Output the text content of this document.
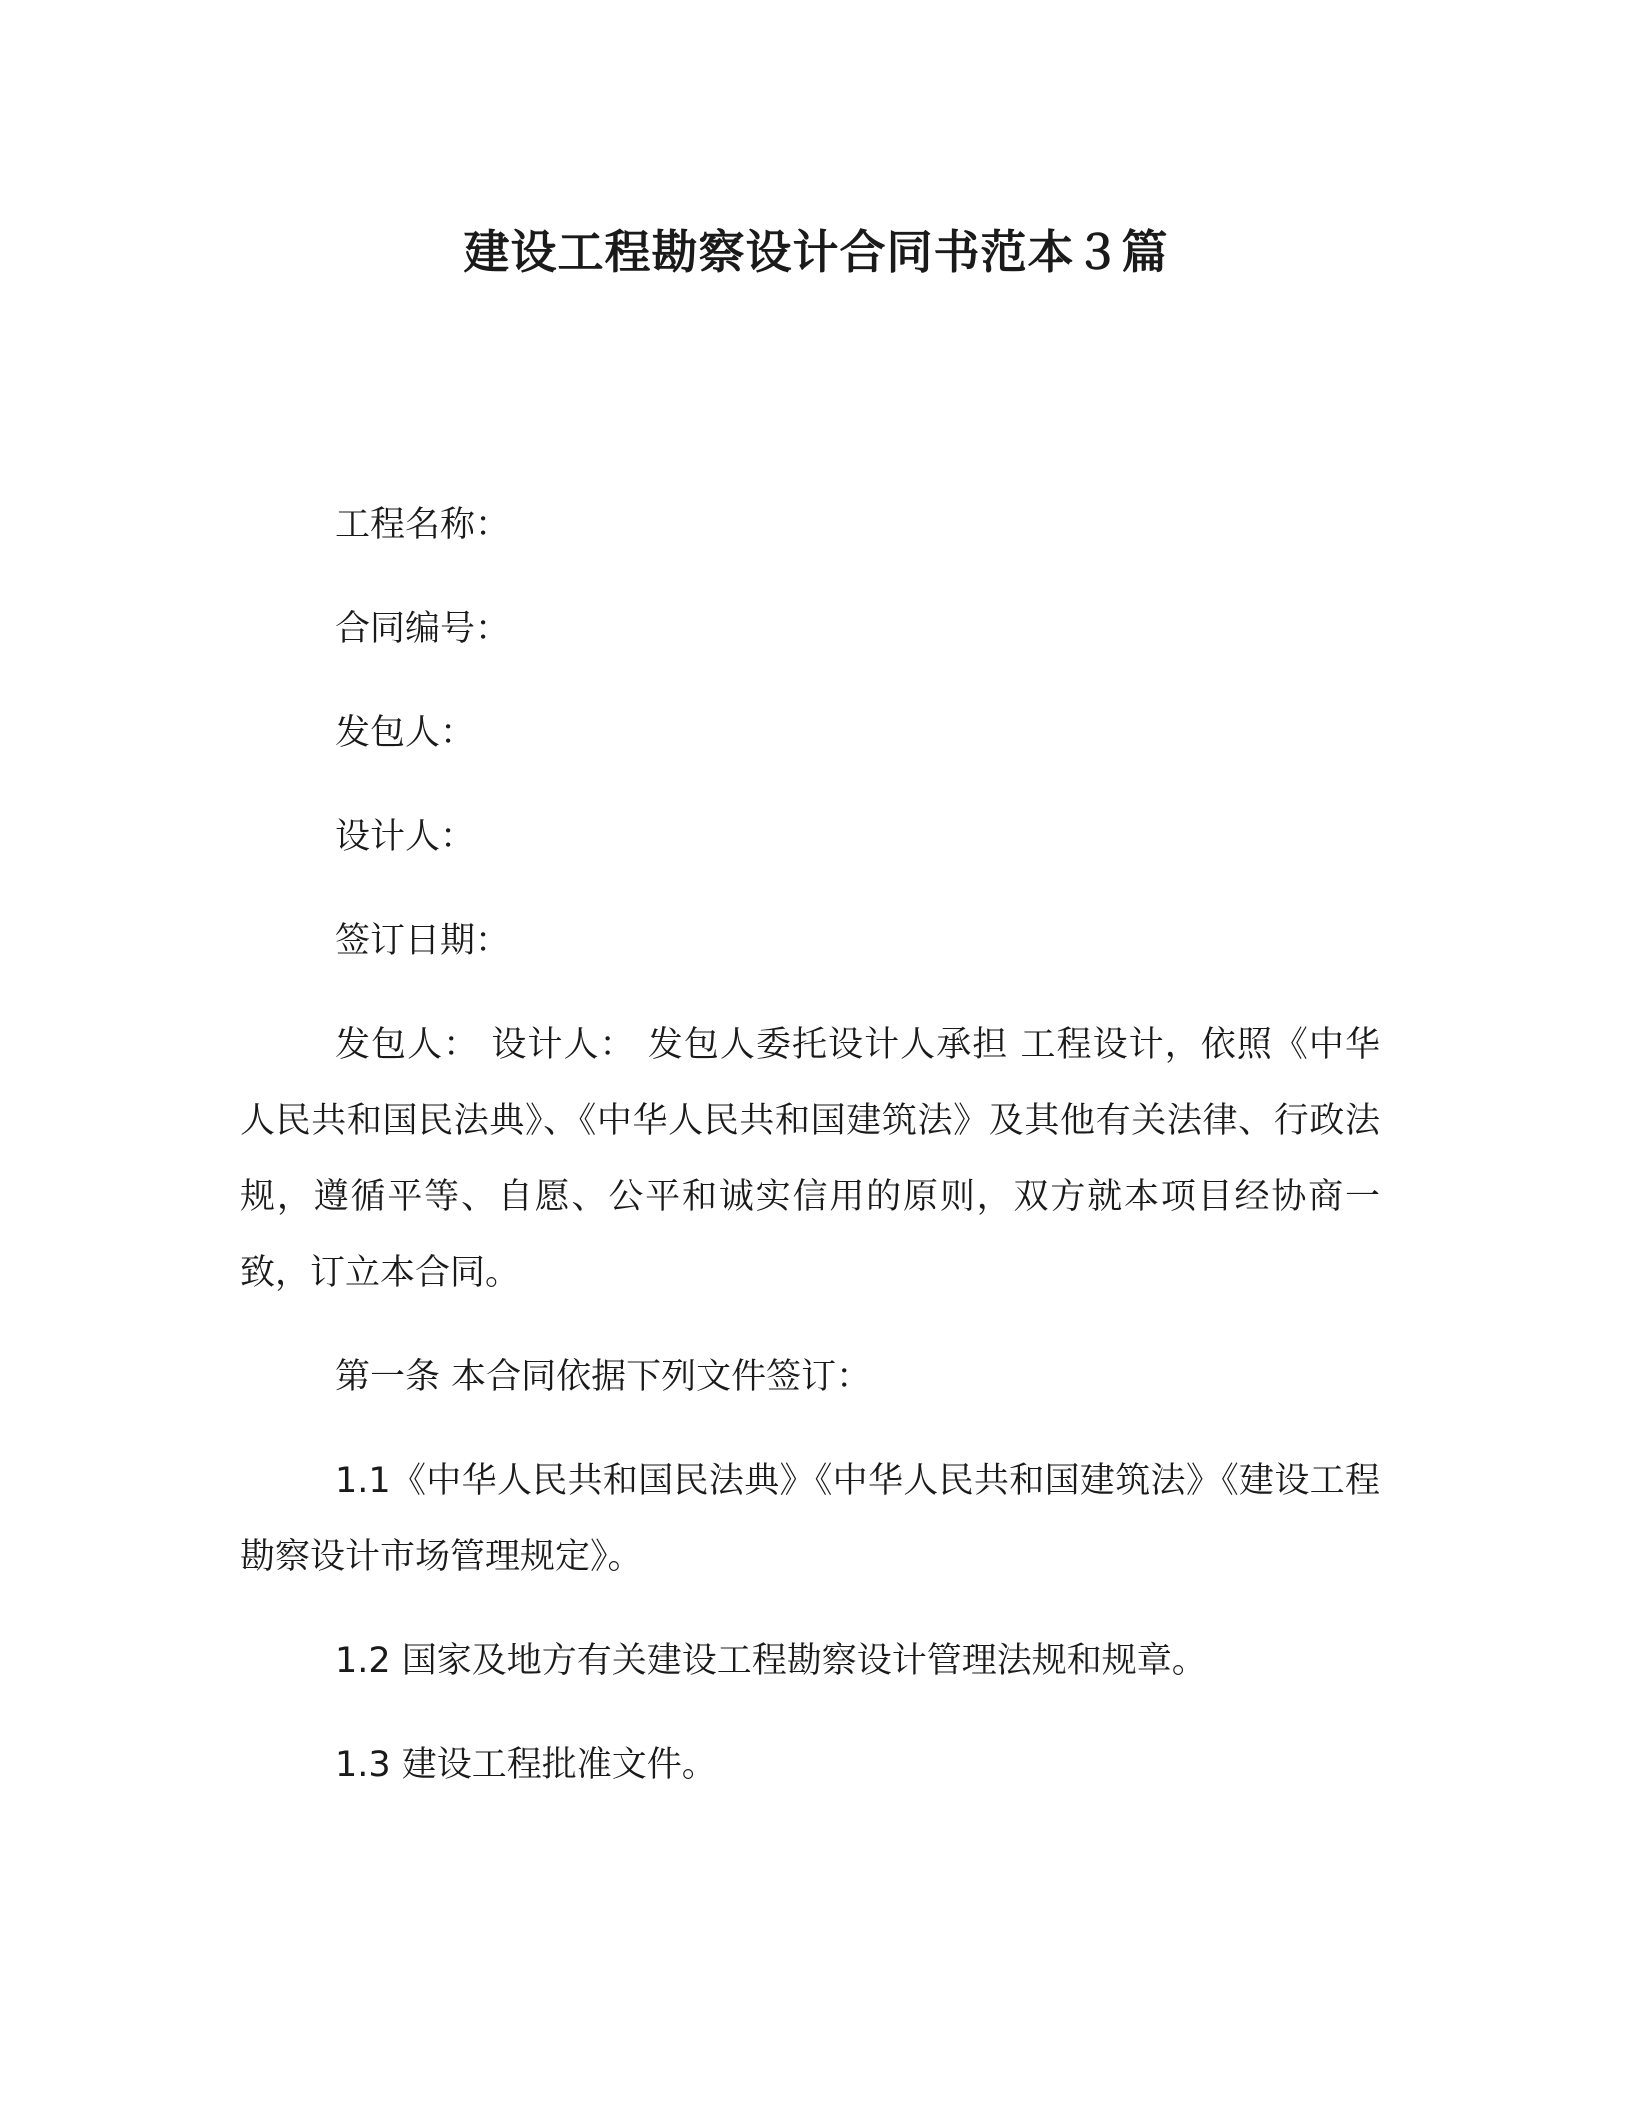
建设工程勘察设计合同书范本３篇

工程名称：

合同编号：

发包人：

设计人：

签订日期：

发包人： 设计人： 发包人委托设计人承担 工程设计，依照《中华人民共和国民法典》、《中华人民共和国建筑法》及其他有关法律、行政法规，遵循平等、自愿、公平和诚实信用的原则，双方就本项目经协商一致，订立本合同。

第一条 本合同依据下列文件签订：

1.1《中华人民共和国民法典》《中华人民共和国建筑法》《建设工程勘察设计市场管理规定》。

1.2 国家及地方有关建设工程勘察设计管理法规和规章。

1.3 建设工程批准文件。
